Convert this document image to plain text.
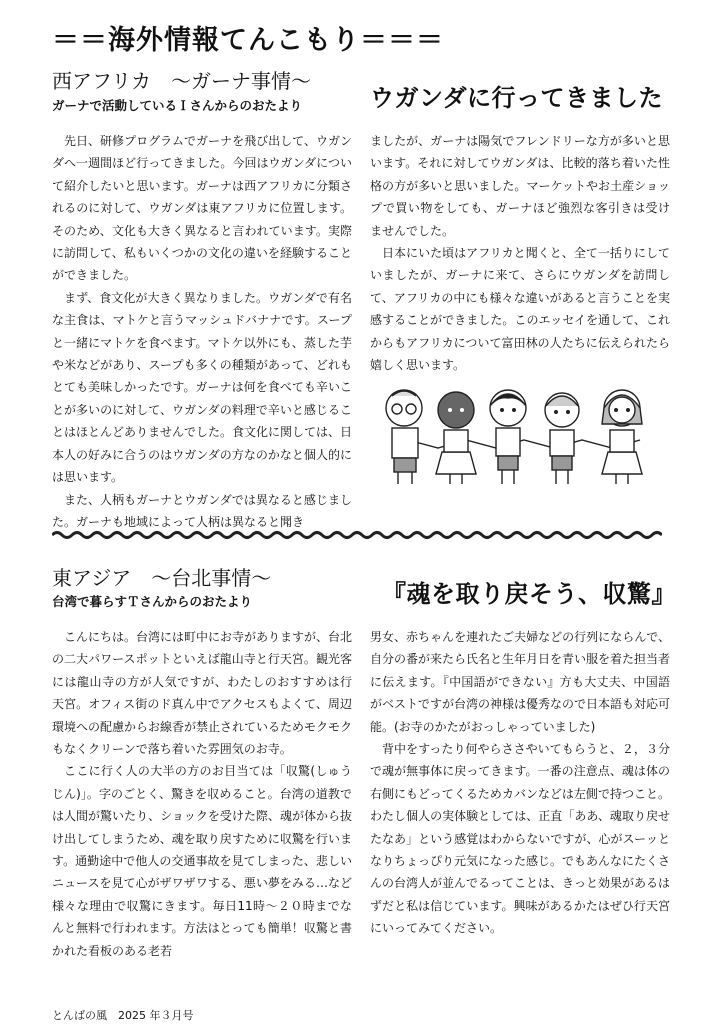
＝＝海外情報てんこもり＝＝＝
西アフリカ　～ガーナ事情～
ガーナで活動しているＩさんからのおたより	ウガンダに行ってきました

先日、研修プログラムでガーナを飛び出して、ウガンダへ一週間ほど行ってきました。今回はウガンダについて紹介したいと思います。ガーナは西アフリカに分類されるのに対して、ウガンダは東アフリカに位置します。そのため、文化も大きく異なると言われています。実際に訪問して、私もいくつかの文化の違いを経験することができました。

まず、食文化が大きく異なりました。ウガンダで有名な主食は、マトケと言うマッシュドバナナです。スープと一緒にマトケを食べます。マトケ以外にも、蒸した芋や米などがあり、スープも多くの種類があって、どれもとても美味しかったです。ガーナは何を食べても辛いことが多いのに対して、ウガンダの料理で辛いと感じることはほとんどありませんでした。食文化に関しては、日本人の好みに合うのはウガンダの方なのかなと個人的には思います。

また、人柄もガーナとウガンダでは異なると感じました。ガーナも地域によって人柄は異なると聞き

ましたが、ガーナは陽気でフレンドリーな方が多いと思います。それに対してウガンダは、比較的落ち着いた性格の方が多いと思いました。マーケットやお土産ショップで買い物をしても、ガーナほど強烈な客引きは受けませんでした。

日本にいた頃はアフリカと聞くと、全て一括りにしていましたが、ガーナに来て、さらにウガンダを訪問して、アフリカの中にも様々な違いがあると言うことを実感することができました。このエッセイを通して、これからもアフリカについて富田林の人たちに伝えられたら嬉しく思います。

東アジア　～台北事情～
台湾で暮らすＴさんからのおたより	『魂を取り戻そう、収驚』

こんにちは。台湾には町中にお寺がありますが、台北の二大パワースポットといえば龍山寺と行天宮。観光客には龍山寺の方が人気ですが、わたしのおすすめは行天宮。オフィス街のド真ん中でアクセスもよくて、周辺環境への配慮からお線香が禁止されているためモクモクもなくクリーンで落ち着いた雰囲気のお寺。

ここに行く人の大半の方のお目当ては「収驚(しゅうじん)」。字のごとく、驚きを収めること。台湾の道教では人間が驚いたり、ショックを受けた際、魂が体から抜け出してしまうため、魂を取り戻すために収驚を行います。通勤途中で他人の交通事故を見てしまった、悲しいニュースを見て心がザワザワする、悪い夢をみる…など様々な理由で収驚にきます。毎日11時～２０時までなんと無料で行われます。方法はとっても簡単！収驚と書かれた看板のある老若

男女、赤ちゃんを連れたご夫婦などの行列にならんで、自分の番が来たら氏名と生年月日を青い服を着た担当者に伝えます。『中国語ができない』方も大丈夫、中国語がベストですが台湾の神様は優秀なので日本語も対応可能。(お寺のかたがおっしゃっていました)

背中をすったり何やらささやいてもらうと、２，３分で魂が無事体に戻ってきます。一番の注意点、魂は体の右側にもどってくるためカバンなどは左側で持つこと。わたし個人の実体験としては、正直「ああ、魂取り戻せたなあ」という感覚はわからないですが、心がスーッとなりちょっぴり元気になった感じ。でもあんなにたくさんの台湾人が並んでるってことは、きっと効果があるはずだと私は信じています。興味があるかたはぜひ行天宮にいってみてください。

とんばの風　2025 年３月号
